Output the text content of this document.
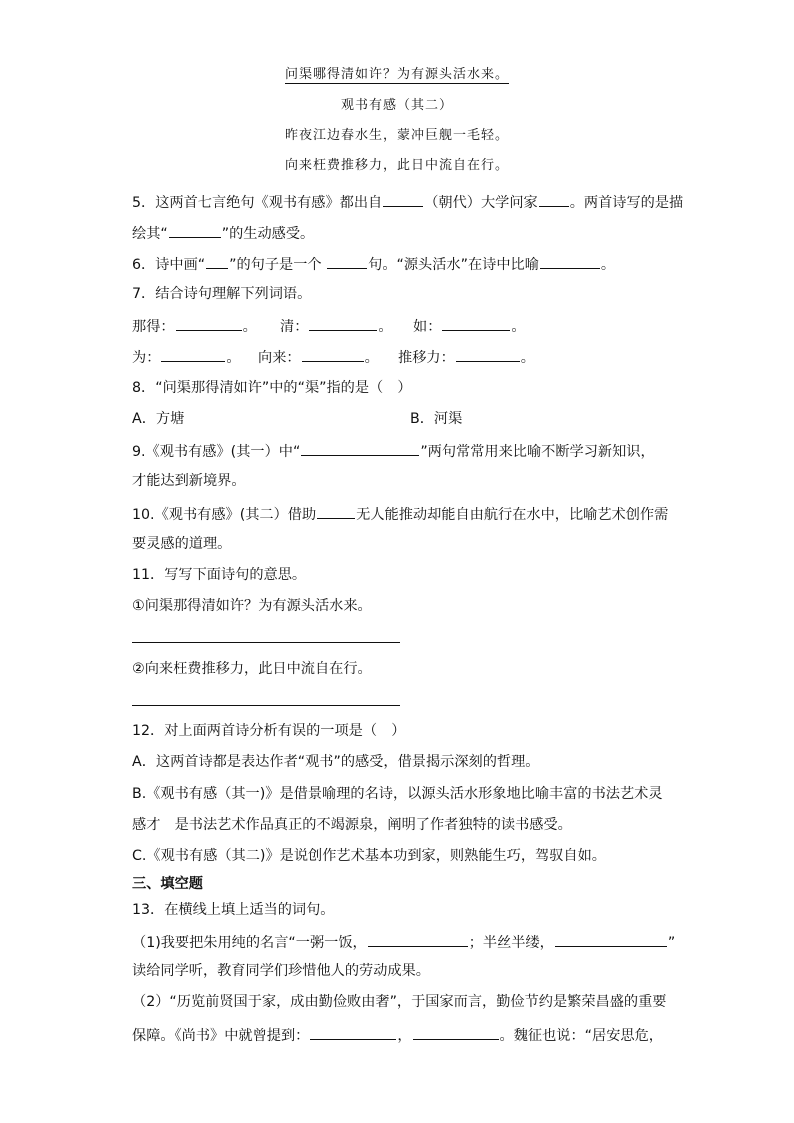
问渠哪得清如许？为有源头活水来。
观书有感（其二）
昨夜江边春水生，蒙冲巨舰一毛轻。
向来枉费推移力，此日中流自在行。
5．这两首七言绝句《观书有感》都出自	（朝代）大学问家 。两首诗写的是描
绘其“	”的生动感受。
6．诗中画“ ”的句子是一个	句。“源头活水”在诗中比喻	。
7．结合诗句理解下列词语。
那得：	。 清：	。 如：	。
为：	。 向来：	。 推移力：	。
8．“问渠那得清如许”中的“渠”指的是（　）
A．方塘	B．河渠
9.《观书有感》(其一）中“	”两句常常用来比喻不断学习新知识，
才能达到新境界。
10.《观书有感》(其二）借助	无人能推动却能自由航行在水中，比喻艺术创作需
要灵感的道理。
11．写写下面诗句的意思。
①问渠那得清如许？为有源头活水来。
②向来枉费推移力，此日中流自在行。
12．对上面两首诗分析有误的一项是（　）
A．这两首诗都是表达作者“观书”的感受，借景揭示深刻的哲理。
B.《观书有感（其一)》是借景喻理的名诗，以源头活水形象地比喻丰富的书法艺术灵
感才　是书法艺术作品真正的不竭源泉，阐明了作者独特的读书感受。
C.《观书有感（其二)》是说创作艺术基本功到家，则熟能生巧，驾驭自如。
三、填空题
13．在横线上填上适当的词句。
（1)我要把朱用纯的名言“一粥一饭，	；半丝半缕，	”
读给同学听，教育同学们珍惜他人的劳动成果。
（2）“历览前贤国于家，成由勤俭败由奢”，于国家而言，勤俭节约是繁荣昌盛的重要
保障。《尚书》中就曾提到：	，	。魏征也说：“居安思危，
